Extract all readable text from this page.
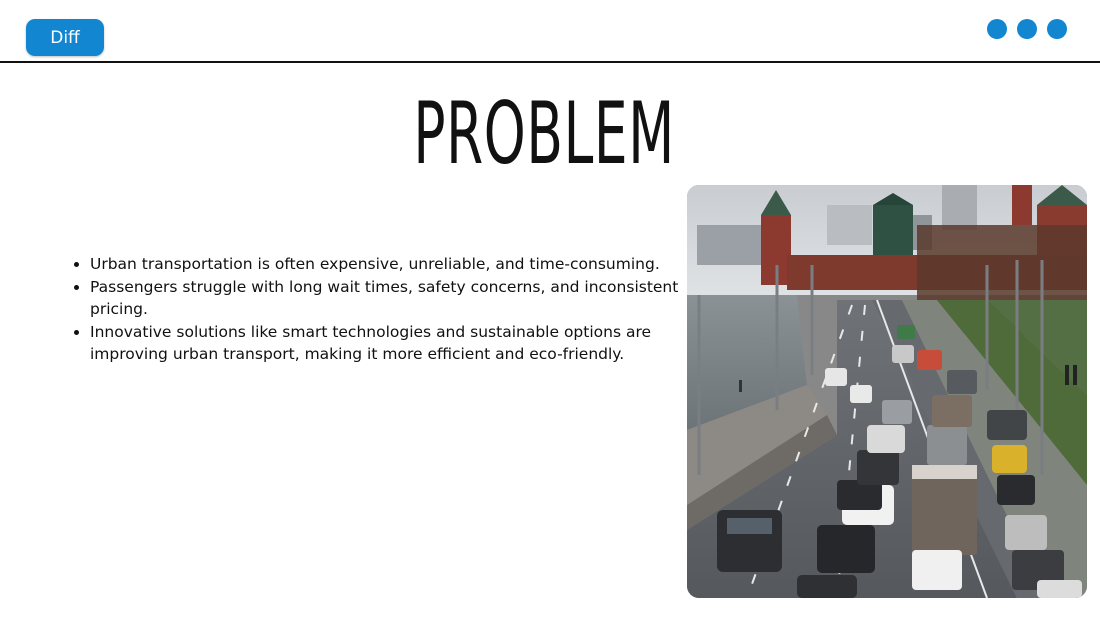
Diff
PROBLEM
• Urban transportation is often expensive, unreliable, and time-consuming.
• Passengers struggle with long wait times, safety concerns, and inconsistent pricing.
• Innovative solutions like smart technologies and sustainable options are improving urban transport, making it more efficient and eco-friendly.
